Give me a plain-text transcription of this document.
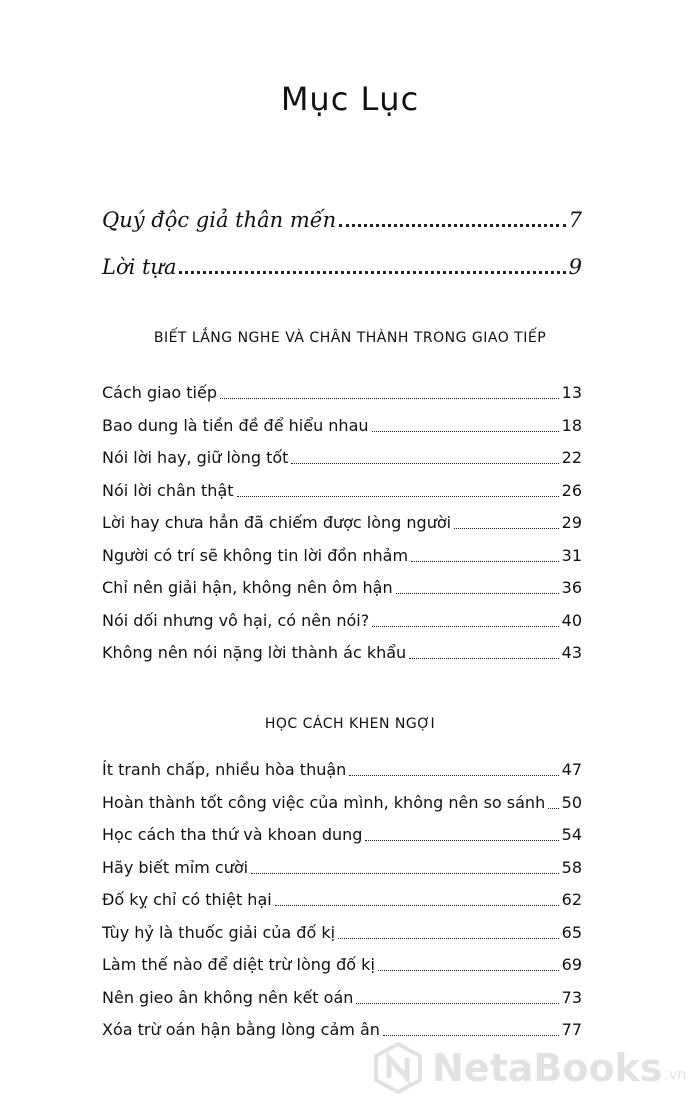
Mục Lục
Quý độc giả thân mến	7
Lời tựa	9
BIẾT LẮNG NGHE VÀ CHÂN THÀNH TRONG GIAO TIẾP
Cách giao tiếp	13
Bao dung là tiền đề để hiểu nhau	18
Nói lời hay, giữ lòng tốt	22
Nói lời chân thật	26
Lời hay chưa hẳn đã chiếm được lòng người	29
Người có trí sẽ không tin lời đồn nhảm	31
Chỉ nên giải hận, không nên ôm hận	36
Nói dối nhưng vô hại, có nên nói?	40
Không nên nói nặng lời thành ác khẩu	43
HỌC CÁCH KHEN NGỢI
Ít tranh chấp, nhiều hòa thuận	47
Hoàn thành tốt công việc của mình, không nên so sánh 50
Học cách tha thứ và khoan dung	54
Hãy biết mỉm cười	58
Đố kỵ chỉ có thiệt hại	62
Tùy hỷ là thuốc giải của đố kị	65
Làm thế nào để diệt trừ lòng đố kị	69
Nên gieo ân không nên kết oán	73
Xóa trừ oán hận bằng lòng cảm ân	77
NetaBooks .vn
